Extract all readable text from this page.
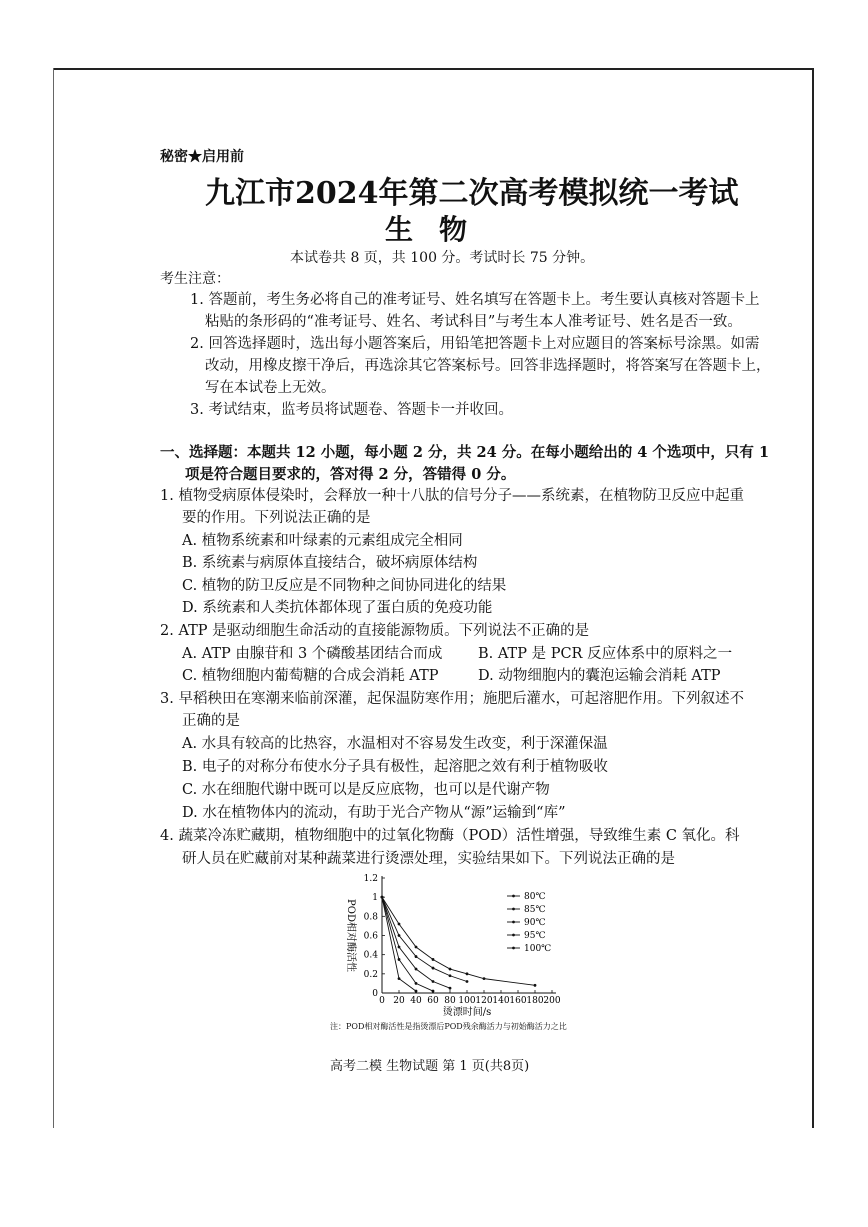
秘密★启用前
九江市2024年第二次高考模拟统一考试
生物
本试卷共 8 页，共 100 分。考试时长 75 分钟。
考生注意：
1. 答题前，考生务必将自己的准考证号、姓名填写在答题卡上。考生要认真核对答题卡上
粘贴的条形码的“准考证号、姓名、考试科目”与考生本人准考证号、姓名是否一致。
2. 回答选择题时，选出每小题答案后，用铅笔把答题卡上对应题目的答案标号涂黑。如需
改动，用橡皮擦干净后，再选涂其它答案标号。回答非选择题时，将答案写在答题卡上，
写在本试卷上无效。
3. 考试结束，监考员将试题卷、答题卡一并收回。
一、选择题：本题共 12 小题，每小题 2 分，共 24 分。在每小题给出的 4 个选项中，只有 1
项是符合题目要求的，答对得 2 分，答错得 0 分。
1. 植物受病原体侵染时，会释放一种十八肽的信号分子——系统素，在植物防卫反应中起重
要的作用。下列说法正确的是
A. 植物系统素和叶绿素的元素组成完全相同
B. 系统素与病原体直接结合，破坏病原体结构
C. 植物的防卫反应是不同物种之间协同进化的结果
D. 系统素和人类抗体都体现了蛋白质的免疫功能
2. ATP 是驱动细胞生命活动的直接能源物质。下列说法不正确的是
A. ATP 由腺苷和 3 个磷酸基团结合而成 B. ATP 是 PCR 反应体系中的原料之一
C. 植物细胞内葡萄糖的合成会消耗 ATP	D. 动物细胞内的囊泡运输会消耗 ATP
3. 早稻秧田在寒潮来临前深灌，起保温防寒作用；施肥后灌水，可起溶肥作用。下列叙述不
正确的是
A. 水具有较高的比热容，水温相对不容易发生改变，利于深灌保温
B. 电子的对称分布使水分子具有极性，起溶肥之效有利于植物吸收
C. 水在细胞代谢中既可以是反应底物，也可以是代谢产物
D. 水在植物体内的流动，有助于光合产物从“源”运输到“库”
4. 蔬菜冷冻贮藏期，植物细胞中的过氧化物酶（POD）活性增强，导致维生素 C 氧化。科
研人员在贮藏前对某种蔬菜进行烫漂处理，实验结果如下。下列说法正确的是
0 20 40 60 80 100 120 140 160 180 200
0
0.2
0.4
0.6
0.8
1
1.2
烫漂时间/s
POD相对酶活性
80℃
85℃
90℃
95℃
100℃
注：POD相对酶活性是指烫漂后POD残余酶活力与初始酶活力之比
高考二模 生物试题 第 1 页(共8页)
